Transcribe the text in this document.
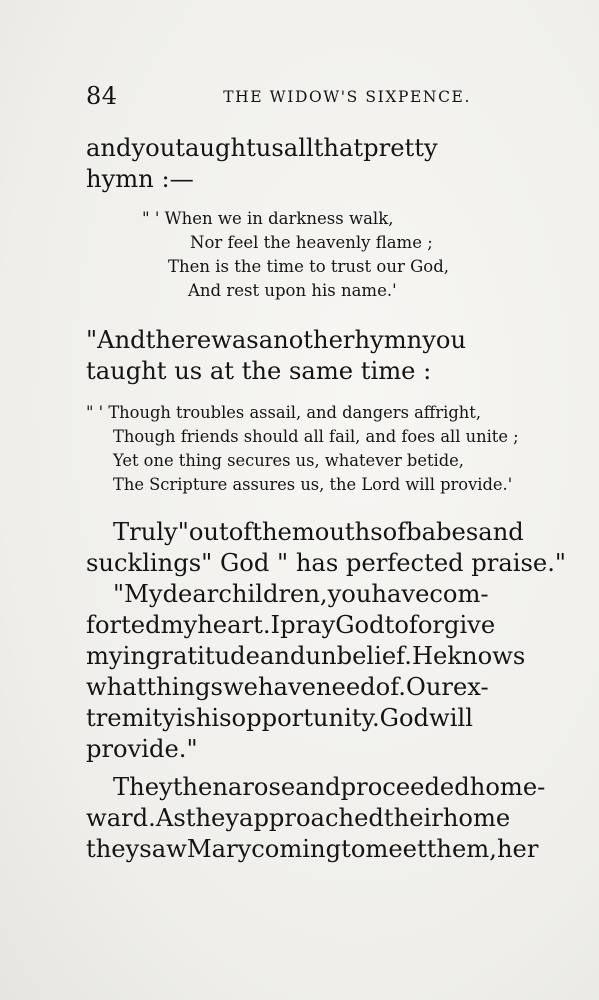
84	THE WIDOW'S SIXPENCE.
andyoutaughtusallthatpretty
hymn :—
" ' When we in darkness walk,
Nor feel the heavenly flame ;
Then is the time to trust our God,
And rest upon his name.'
"Andtherewasanotherhymnyou
taught us at the same time :
" ' Though troubles assail, and dangers affright,
Though friends should all fail, and foes all unite ;
Yet one thing secures us, whatever betide,
The Scripture assures us, the Lord will provide.'
Truly"outofthemouthsofbabesand
sucklings" God " has perfected praise."
"Mydearchildren,youhavecom-
fortedmyheart.IprayGodtoforgive
myingratitudeandunbelief.Heknows
whatthingswehaveneedof.Ourex-
tremityishisopportunity.Godwill
provide."
Theythenaroseandproceededhome-
ward.Astheyapproachedtheirhome
theysawMarycomingtomeetthem,her
